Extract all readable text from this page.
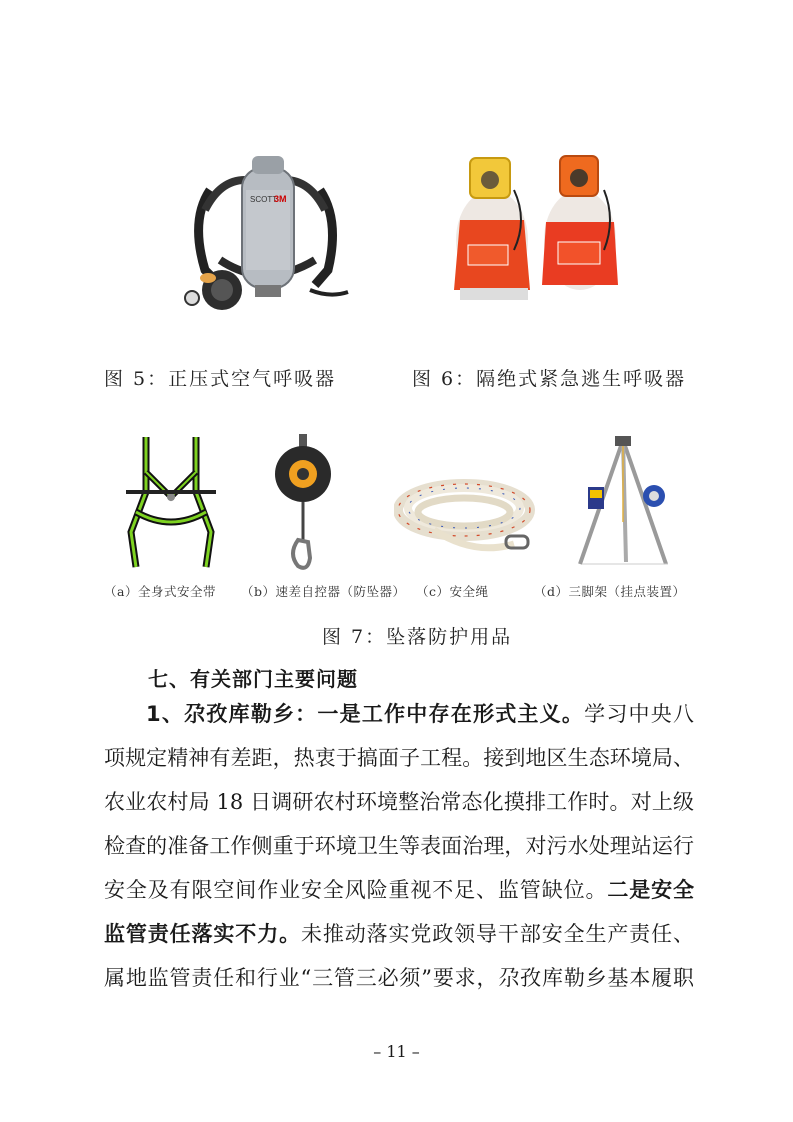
SCOTT
3M
图 5：正压式空气呼吸器	图 6：隔绝式紧急逃生呼吸器
（a）全身式安全带 （b）速差自控器（防坠器） （c）安全绳	（d）三脚架（挂点装置）
图 7：坠落防护用品
七、有关部门主要问题
1、尕孜库勒乡：一是工作中存在形式主义。学习中央八
项规定精神有差距，热衷于搞面子工程。接到地区生态环境局、
农业农村局 18 日调研农村环境整治常态化摸排工作时。对上级
检查的准备工作侧重于环境卫生等表面治理，对污水处理站运行
安全及有限空间作业安全风险重视不足、监管缺位。二是安全
监管责任落实不力。未推动落实党政领导干部安全生产责任、
属地监管责任和行业“三管三必须”要求，尕孜库勒乡基本履职
– 11 –
